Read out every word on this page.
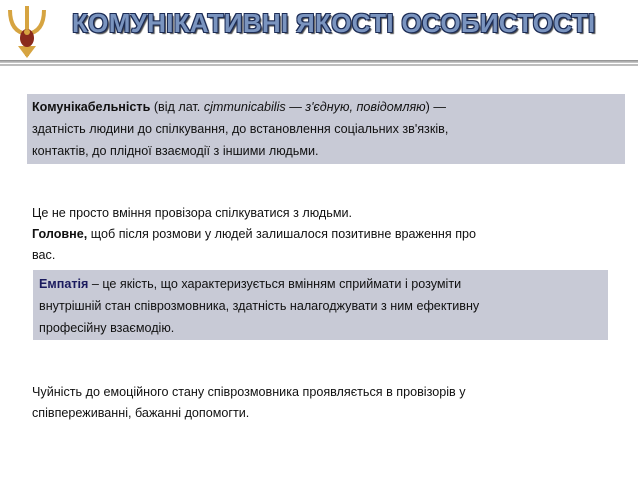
КОМУНІКАТИВНІ ЯКОСТІ ОСОБИСТОСТІ
Комунікабельність (від лат. cjmmunicabilis — з'єдную, повідомляю) —
здатність людини до спілкування, до встановлення соціальних зв'язків,
контактів, до плідної взаємодії з іншими людьми.
Це не просто вміння провізора спілкуватися з людьми.
Головне, щоб після розмови у людей залишалося позитивне враження про
вас.
Емпатія – це якість, що характеризується вмінням сприймати і розуміти
внутрішній стан співрозмовника, здатність налагоджувати з ним ефективну
професійну взаємодію.
Чуйність до емоційного стану співрозмовника проявляється в провізорів у
співпереживанні, бажанні допомогти.
